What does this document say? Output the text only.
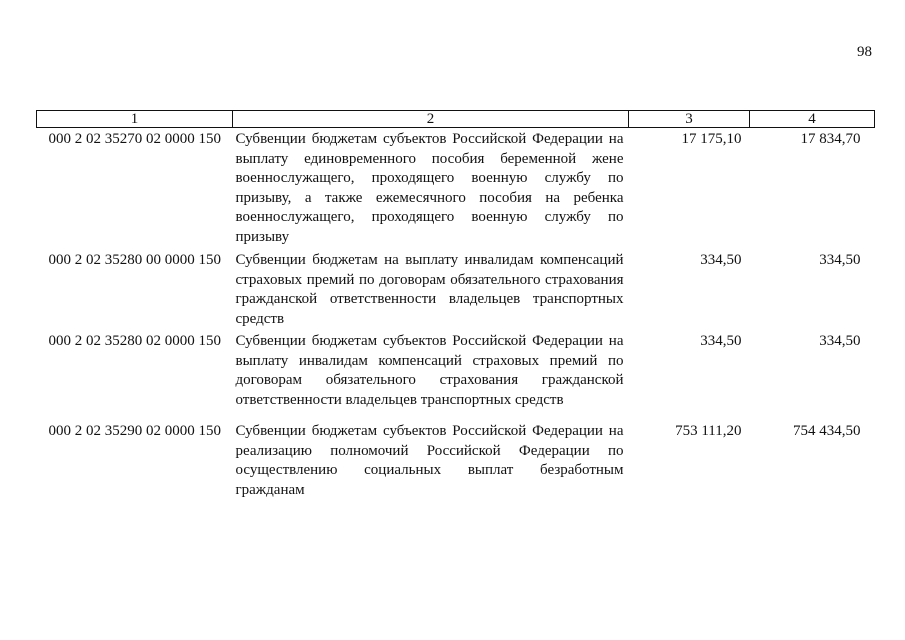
98
1	2	3	4
000 2 02 35270 02 0000 150	Субвенции бюджетам субъектов Российской Федерации на выплату единовременного пособия беременной жене военнослужащего, проходящего военную службу по призыву, а также ежемесячного пособия на ребенка военнослужащего, проходящего военную службу по призыву	17 175,10	17 834,70
000 2 02 35280 00 0000 150	Субвенции бюджетам на выплату инвалидам компенсаций страховых премий по договорам обязательного страхования гражданской ответственности владельцев транспортных средств	334,50	334,50
000 2 02 35280 02 0000 150	Субвенции бюджетам субъектов Российской Федерации на выплату инвалидам компенсаций страховых премий по договорам обязательного страхования гражданской ответственности владельцев транспортных средств	334,50	334,50
000 2 02 35290 02 0000 150	Субвенции бюджетам субъектов Российской Федерации на реализацию полномочий Российской Федерации по осуществлению социальных выплат безработным гражданам	753 111,20	754 434,50
